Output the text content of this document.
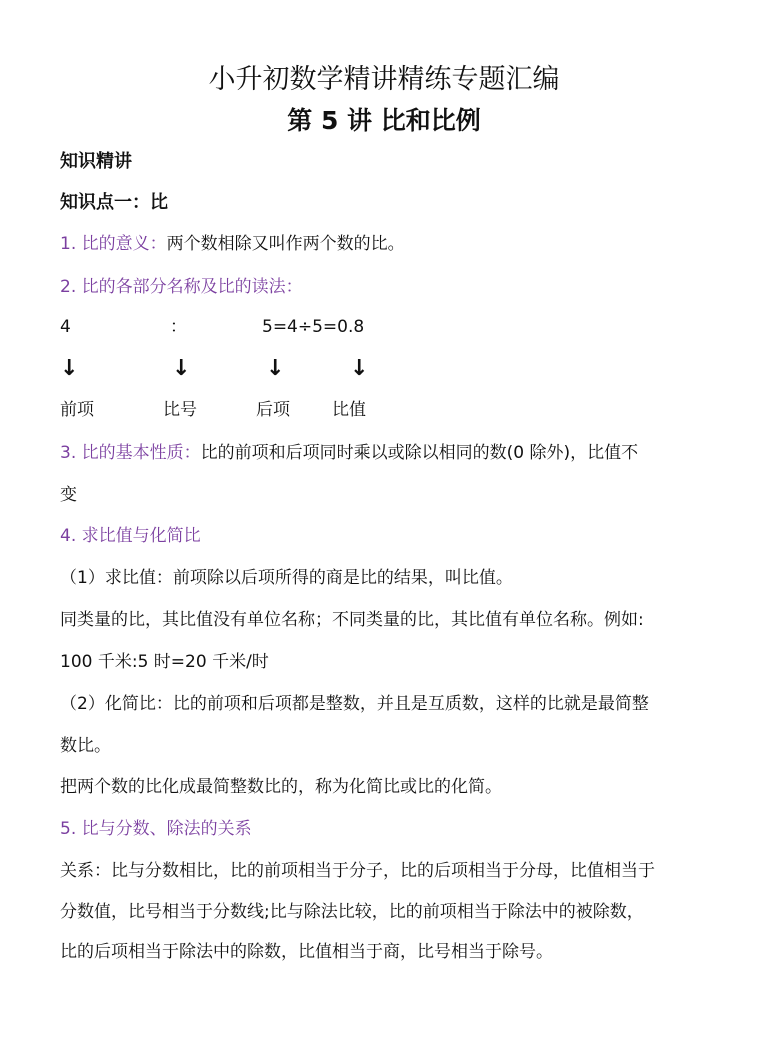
小升初数学精讲精练专题汇编
第 5 讲 比和比例
知识精讲
知识点一：比
1. 比的意义：两个数相除又叫作两个数的比。
2. 比的各部分名称及比的读法：
4	：	5=4÷5=0.8
↓	↓	↓	↓
前项	比号	后项 比值
3. 比的基本性质：比的前项和后项同时乘以或除以相同的数(0 除外)，比值不
变
4. 求比值与化简比
（1）求比值：前项除以后项所得的商是比的结果，叫比值。
同类量的比，其比值没有单位名称；不同类量的比，其比值有单位名称。例如:
100 千米:5 时=20 千米/时
（2）化简比：比的前项和后项都是整数，并且是互质数，这样的比就是最简整
数比。
把两个数的比化成最简整数比的，称为化简比或比的化简。
5. 比与分数、除法的关系
关系：比与分数相比，比的前项相当于分子，比的后项相当于分母，比值相当于
分数值，比号相当于分数线;比与除法比较，比的前项相当于除法中的被除数，
比的后项相当于除法中的除数，比值相当于商，比号相当于除号。
